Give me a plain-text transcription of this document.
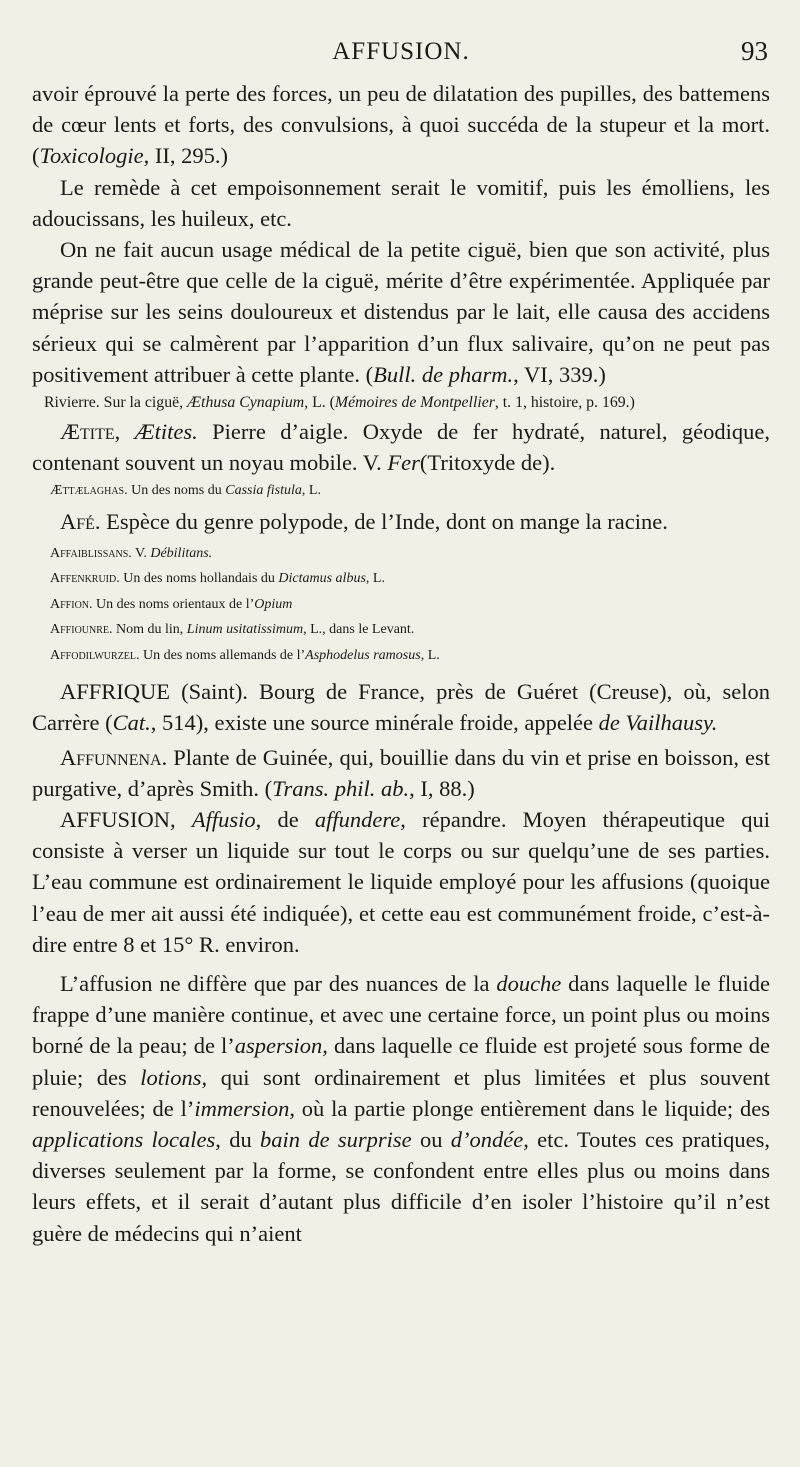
AFFUSION.	93

avoir éprouvé la perte des forces, un peu de dilatation des pupilles, des battemens de cœur lents et forts, des convulsions, à quoi succéda de la stupeur et la mort. (Toxicologie, II, 295.)

Le remède à cet empoisonnement serait le vomitif, puis les émolliens, les adoucissans, les huileux, etc.

On ne fait aucun usage médical de la petite ciguë, bien que son activité, plus grande peut-être que celle de la ciguë, mérite d’être expérimentée. Appliquée par méprise sur les seins douloureux et distendus par le lait, elle causa des accidens sérieux qui se calmèrent par l’apparition d’un flux salivaire, qu’on ne peut pas positivement attribuer à cette plante. (Bull. de pharm., VI, 339.)

Rivierre. Sur la ciguë, Æthusa Cynapium, L. (Mémoires de Montpellier, t. 1, histoire, p. 169.)

Ætite, Ætites. Pierre d’aigle. Oxyde de fer hydraté, naturel, géodique, contenant souvent un noyau mobile. V. Fer(Tritoxyde de).

Ættælaghas. Un des noms du Cassia fistula, L.

Afé. Espèce du genre polypode, de l’Inde, dont on mange la racine.

Affaiblissans. V. Débilitans.

Affenkruid. Un des noms hollandais du Dictamus albus, L.

Affion. Un des noms orientaux de l’Opium

Affiounre. Nom du lin, Linum usitatissimum, L., dans le Levant.

Affodilwurzel. Un des noms allemands de l’Asphodelus ramosus, L.

AFFRIQUE (Saint). Bourg de France, près de Guéret (Creuse), où, selon Carrère (Cat., 514), existe une source minérale froide, appelée de Vailhausy.

Affunnena. Plante de Guinée, qui, bouillie dans du vin et prise en boisson, est purgative, d’après Smith. (Trans. phil. ab., I, 88.)

AFFUSION, Affusio, de affundere, répandre. Moyen thérapeutique qui consiste à verser un liquide sur tout le corps ou sur quelqu’une de ses parties. L’eau commune est ordinairement le liquide employé pour les affusions (quoique l’eau de mer ait aussi été indiquée), et cette eau est communément froide, c’est-à-dire entre 8 et 15° R. environ.

L’affusion ne diffère que par des nuances de la douche dans laquelle le fluide frappe d’une manière continue, et avec une certaine force, un point plus ou moins borné de la peau; de l’aspersion, dans laquelle ce fluide est projeté sous forme de pluie; des lotions, qui sont ordinairement et plus limitées et plus souvent renouvelées; de l’immersion, où la partie plonge entièrement dans le liquide; des applications locales, du bain de surprise ou d’ondée, etc. Toutes ces pratiques, diverses seulement par la forme, se confondent entre elles plus ou moins dans leurs effets, et il serait d’autant plus difficile d’en isoler l’histoire qu’il n’est guère de médecins qui n’aient
